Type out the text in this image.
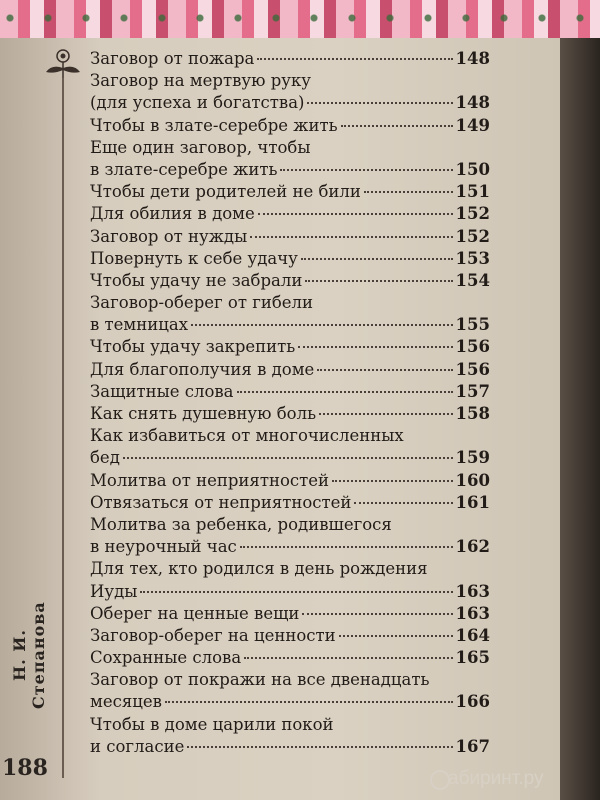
Н. И. Степанова
188
Заговор от пожара	148
Заговор на мертвую руку
(для успеха и богатства)	148
Чтобы в злате-серебре жить	149
Еще один заговор, чтобы
в злате-серебре жить	150
Чтобы дети родителей не били	151
Для обилия в доме	152
Заговор от нужды	152
Повернуть к себе удачу	153
Чтобы удачу не забрали	154
Заговор-оберег от гибели
в темницах	155
Чтобы удачу закрепить	156
Для благополучия в доме	156
Защитные слова	157
Как снять душевную боль	158
Как избавиться от многочисленных
бед	159
Молитва от неприятностей	160
Отвязаться от неприятностей	161
Молитва за ребенка, родившегося
в неурочный час	162
Для тех, кто родился в день рождения
Иуды	163
Оберег на ценные вещи	163
Заговор-оберег на ценности	164
Сохранные слова	165
Заговор от покражи на все двенадцать
месяцев	166
Чтобы в доме царили покой
и согласие	167
абиринт.ру
